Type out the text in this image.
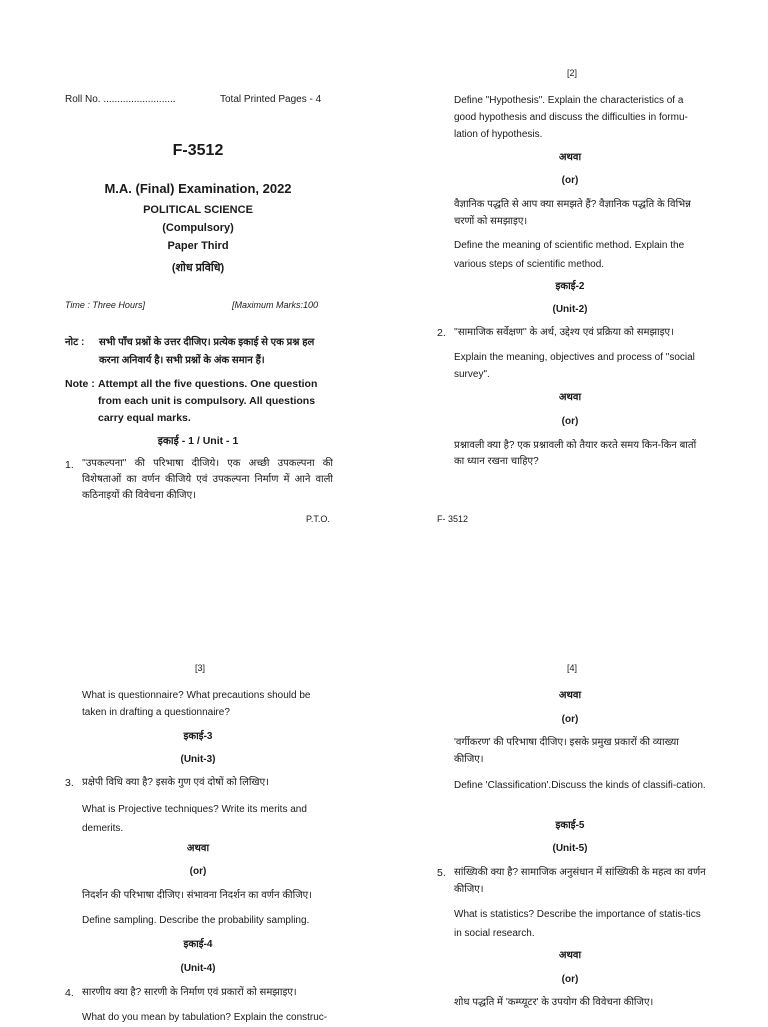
Roll No. ..........................	Total Printed Pages - 4
F-3512
M.A. (Final) Examination, 2022
POLITICAL SCIENCE
(Compulsory)
Paper Third
(शोध प्रविधि)
Time : Three Hours]	[Maximum Marks:100
नोट : सभी पाँच प्रश्नों के उत्तर दीजिए। प्रत्येक इकाई से एक प्रश्न हल करना अनिवार्य है। सभी प्रश्नों के अंक समान हैं।
Note : Attempt all the five questions. One question from each unit is compulsory. All questions carry equal marks.
इकाई - 1 / Unit - 1
1. ''उपकल्पना'' की परिभाषा दीजिये। एक अच्छी उपकल्पना की विशेषताओं का वर्णन कीजिये एवं उपकल्पना निर्माण में आने वाली कठिनाइयों की विवेचना कीजिए।
P.T.O.
[2]
Define "Hypothesis". Explain the characteristics of a good hypothesis and discuss the difficulties in formu-lation of hypothesis.
अथवा
(or)
वैज्ञानिक पद्धति से आप क्या समझते हैं? वैज्ञानिक पद्धति के विभिन्न चरणों को समझाइए।
Define the meaning of scientific method. Explain the various steps of scientific method.
इकाई-2
(Unit-2)
2. ''सामाजिक सर्वेक्षण'' के अर्थ, उद्देश्य एवं प्रक्रिया को समझाइए।
Explain the meaning, objectives and process of "social survey".
अथवा
(or)
प्रश्नावली क्या है? एक प्रश्नावली को तैयार करते समय किन-किन बातों का ध्यान रखना चाहिए?
F- 3512
[3]
What is questionnaire? What precautions should be taken in drafting a questionnaire?
इकाई-3
(Unit-3)
3. प्रक्षेपी विधि क्या है? इसके गुण एवं दोषों को लिखिए।
What is Projective techniques? Write its merits and demerits.
अथवा
(or)
निदर्शन की परिभाषा दीजिए। संभावना निदर्शन का वर्णन कीजिए।
Define sampling. Describe the probability sampling.
इकाई-4
(Unit-4)
4. सारणीय क्या है? सारणी के निर्माण एवं प्रकारों को समझाइए।
What do you mean by tabulation? Explain the construc-
[4]
अथवा
(or)
'वर्गीकरण' की परिभाषा दीजिए। इसके प्रमुख प्रकारों की व्याख्या कीजिए।
Define 'Classification'.Discuss the kinds of classifi-cation.
इकाई-5
(Unit-5)
5. सांख्यिकी क्या है? सामाजिक अनुसंधान में सांख्यिकी के महत्व का वर्णन कीजिए।
What is statistics? Describe the importance of statis-tics in social research.
अथवा
(or)
शोध पद्धति में 'कम्प्यूटर' के उपयोग की विवेचना कीजिए।
